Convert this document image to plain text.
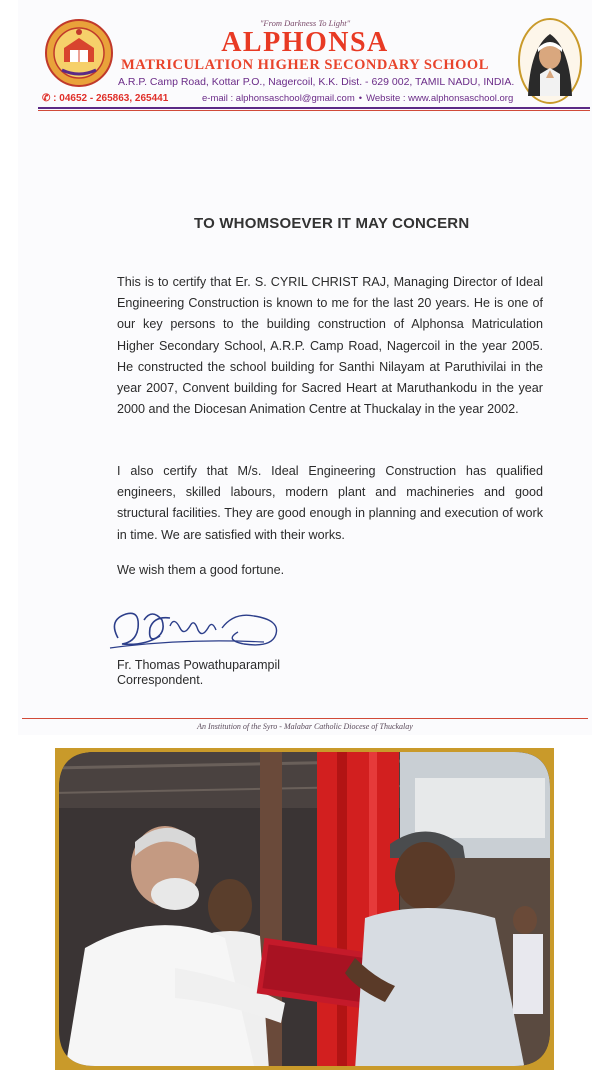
"From Darkness To Light"
ALPHONSA
MATRICULATION HIGHER SECONDARY SCHOOL
A.R.P. Camp Road, Kottar P.O., Nagercoil, K.K. Dist. - 629 002, TAMIL NADU, INDIA.
✆ : 04652 - 265863, 265441	e-mail : alphonsaschool@gmail.com • Website : www.alphonsaschool.org
TO WHOMSOEVER IT MAY CONCERN

This is to certify that Er. S. CYRIL CHRIST RAJ, Managing Director of Ideal Engineering Construction is known to me for the last 20 years. He is one of our key persons to the building construction of Alphonsa Matriculation Higher Secondary School, A.R.P. Camp Road, Nagercoil in the year 2005. He constructed the school building for Santhi Nilayam at Paruthivilai in the year 2007, Convent building for Sacred Heart at Maruthankodu in the year 2000 and the Diocesan Animation Centre at Thuckalay in the year 2002.

I also certify that M/s. Ideal Engineering Construction has qualified engineers, skilled labours, modern plant and machineries and good structural facilities. They are good enough in planning and execution of work in time. We are satisfied with their works.

We wish them a good fortune.

Fr. Thomas Powathuparampil
Correspondent.
An Institution of the Syro - Malabar Catholic Diocese of Thuckalay
